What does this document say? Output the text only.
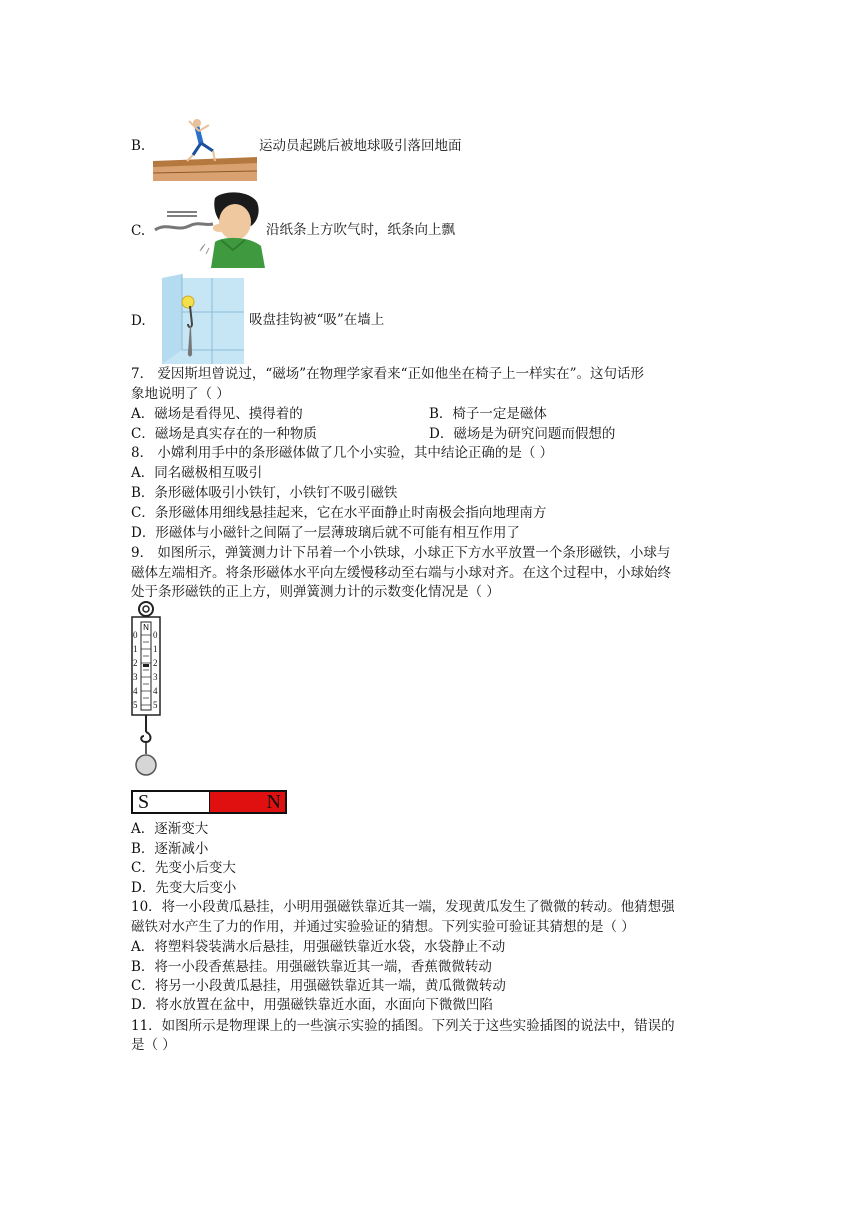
B.	运动员起跳后被地球吸引落回地面
C.	沿纸条上方吹气时，纸条向上飘
D.	吸盘挂钩被“吸”在墙上
7． 爱因斯坦曾说过，“磁场”在物理学家看来“正如他坐在椅子上一样实在”。这句话形
象地说明了（ ）
A．磁场是看得见、摸得着的	B．椅子一定是磁体
C．磁场是真实存在的一种物质	D．磁场是为研究问题而假想的
8． 小嫦利用手中的条形磁体做了几个小实验，其中结论正确的是（ ）
A．同名磁极相互吸引
B．条形磁体吸引小铁钉，小铁钉不吸引磁铁
C．条形磁体用细线悬挂起来，它在水平面静止时南极会指向地理南方
D．形磁体与小磁针之间隔了一层薄玻璃后就不可能有相互作用了
9． 如图所示，弹簧测力计下吊着一个小铁球，小球正下方水平放置一个条形磁铁，小球与
磁体左端相齐。将条形磁体水平向左缓慢移动至右端与小球对齐。在这个过程中，小球始终
处于条形磁铁的正上方，则弹簧测力计的示数变化情况是（ ）
N
0
1
2
3
4
5
0
1
2
3
4
5
S	N
A．逐渐变大
B．逐渐减小
C．先变小后变大
D．先变大后变小
10．将一小段黄瓜悬挂，小明用强磁铁靠近其一端，发现黄瓜发生了微微的转动。他猜想强
磁铁对水产生了力的作用，并通过实验验证的猜想。下列实验可验证其猜想的是（ ）
A．将塑料袋装满水后悬挂，用强磁铁靠近水袋，水袋静止不动
B．将一小段香蕉悬挂。用强磁铁靠近其一端，香蕉微微转动
C．将另一小段黄瓜悬挂，用强磁铁靠近其一端，黄瓜微微转动
D．将水放置在盆中，用强磁铁靠近水面，水面向下微微凹陷
11．如图所示是物理课上的一些演示实验的插图。下列关于这些实验插图的说法中，错误的
是（ ）
